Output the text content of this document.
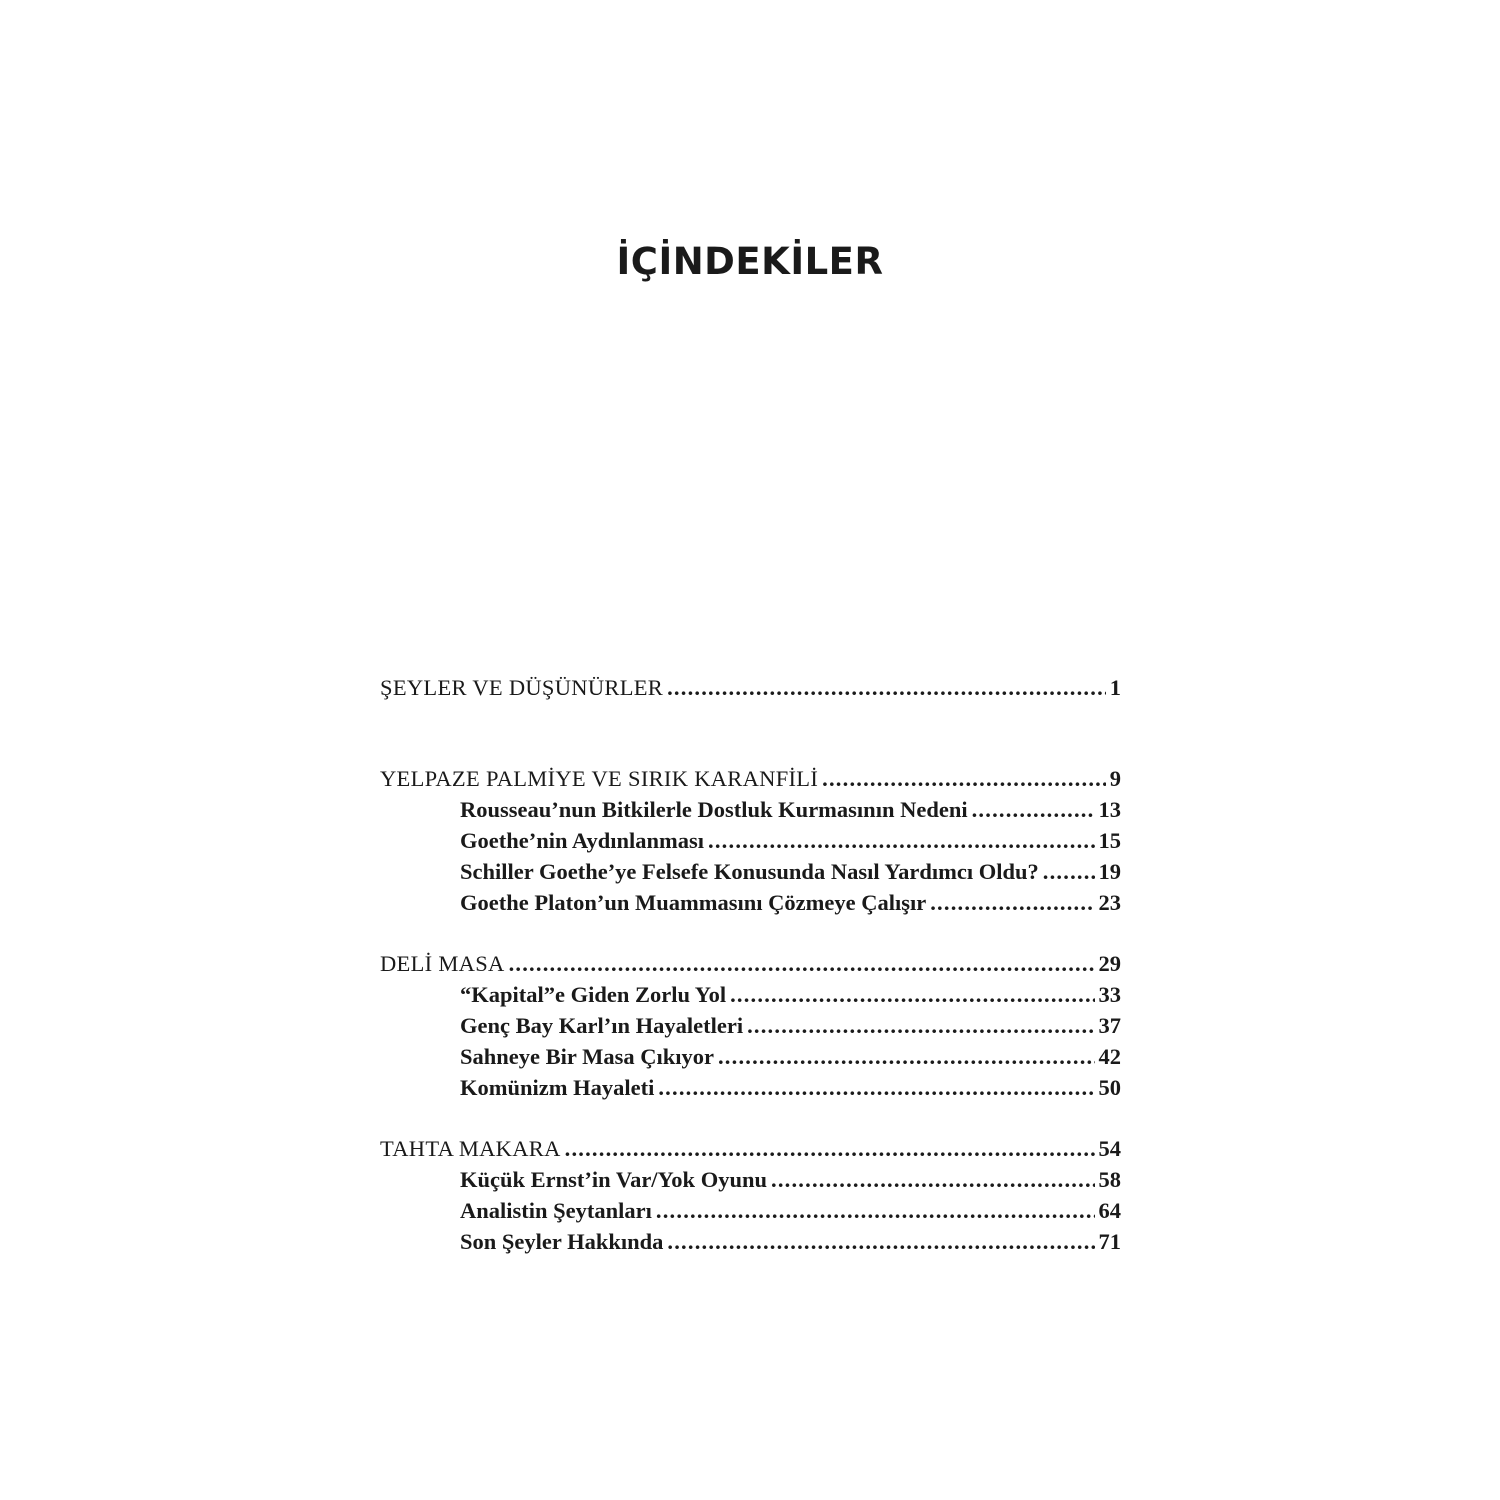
İÇİNDEKİLER
ŞEYLER VE DÜŞÜNÜRLER .....	1
YELPAZE PALMİYE VE SIRIK KARANFİLİ .....	9
Rousseau’nun Bitkilerle Dostluk Kurmasının Nedeni .....	13
Goethe’nin Aydınlanması .....	15
Schiller Goethe’ye Felsefe Konusunda Nasıl Yardımcı Oldu? .....	19
Goethe Platon’un Muammasını Çözmeye Çalışır .....	23
DELİ MASA .....	29
“Kapital”e Giden Zorlu Yol .....	33
Genç Bay Karl’ın Hayaletleri .....	37
Sahneye Bir Masa Çıkıyor .....	42
Komünizm Hayaleti .....	50
TAHTA MAKARA .....	54
Küçük Ernst’in Var/Yok Oyunu .....	58
Analistin Şeytanları .....	64
Son Şeyler Hakkında .....	71
